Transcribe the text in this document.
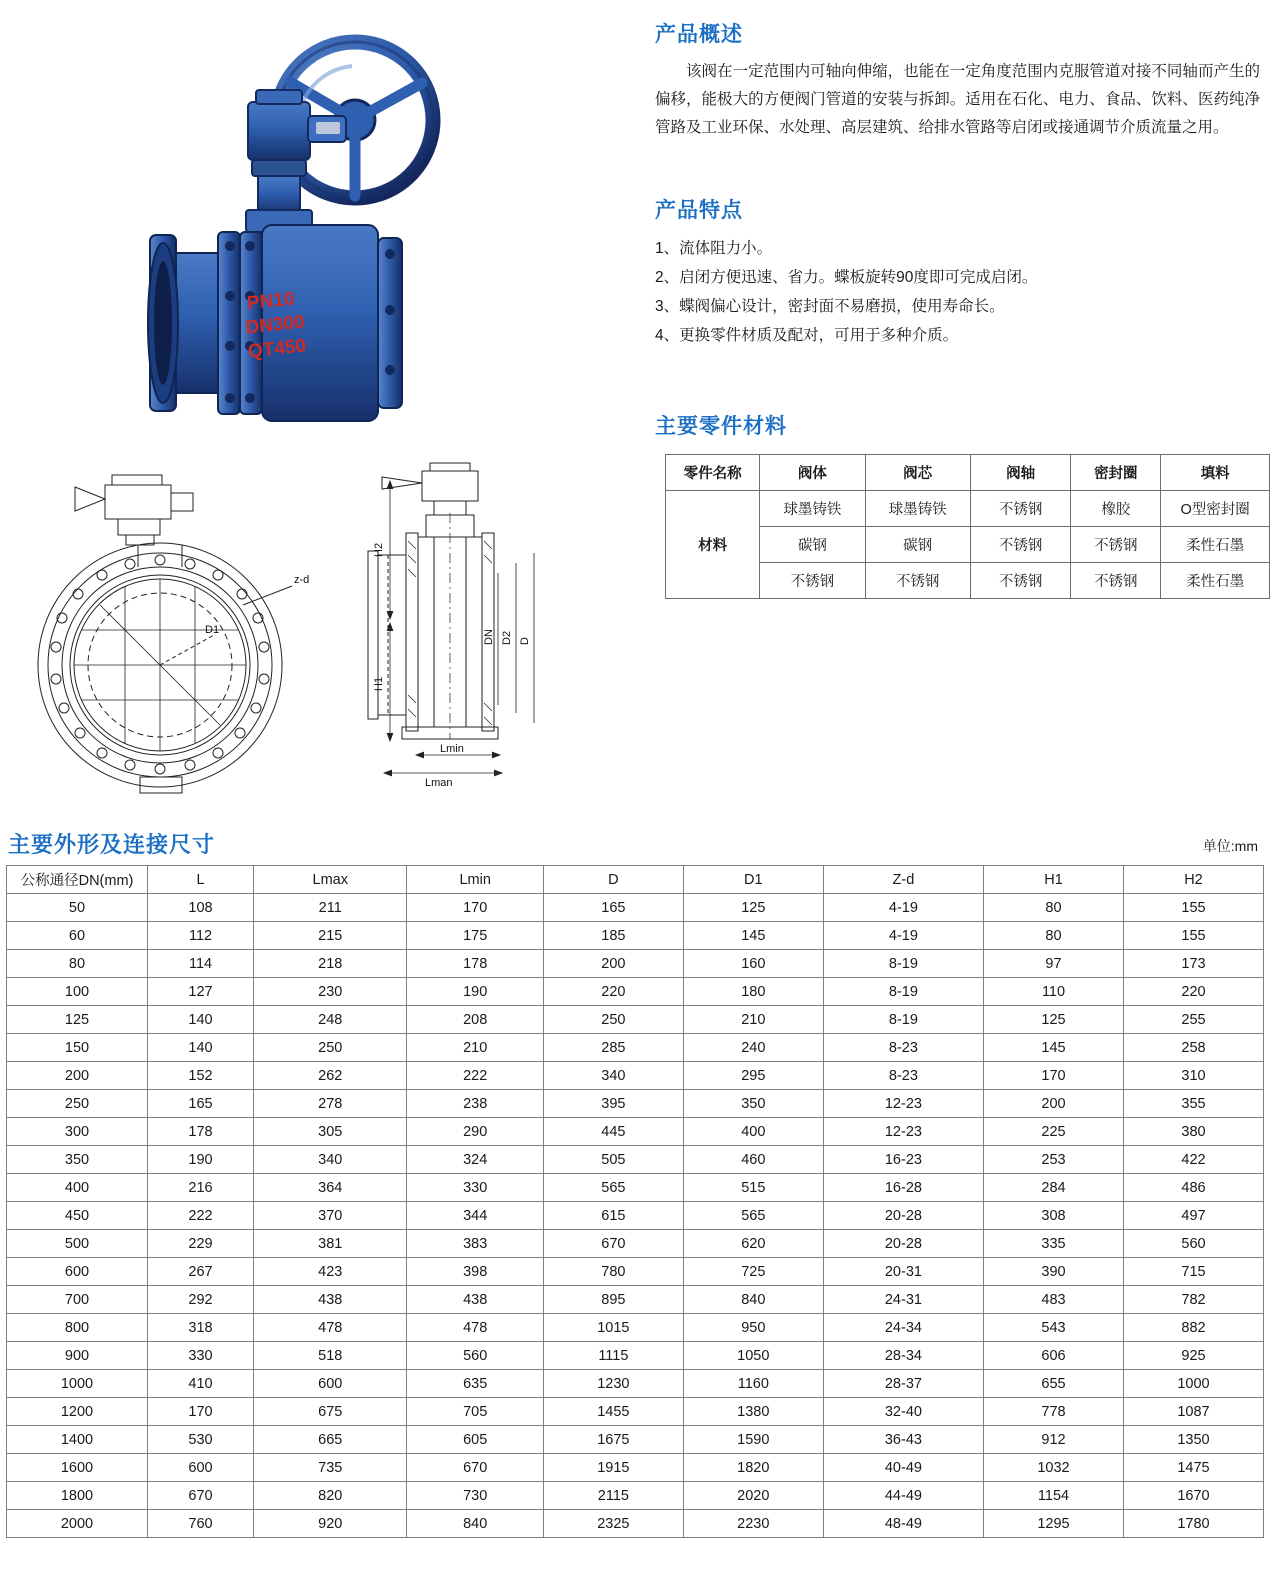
PN10
DN300
QT450
产品概述

该阀在一定范围内可轴向伸缩，也能在一定角度范围内克服管道对接不同轴而产生的偏移，能极大的方便阀门管道的安装与拆卸。适用在石化、电力、食品、饮料、医药纯净管路及工业环保、水处理、高层建筑、给排水管路等启闭或接通调节介质流量之用。

产品特点
1、流体阻力小。
2、启闭方便迅速、省力。蝶板旋转90度即可完成启闭。
3、蝶阀偏心设计，密封面不易磨损，使用寿命长。
4、更换零件材质及配对，可用于多种介质。
主要零件材料
零件名称	阀体	阀芯	阀轴	密封圈	填料
材料	球墨铸铁	球墨铸铁	不锈钢	橡胶	O型密封圈
	碳钢	碳钢	不锈钢	不锈钢	柔性石墨
	不锈钢	不锈钢	不锈钢	不锈钢	柔性石墨
z-d
D1
H2
H1
DN D2 D
Lmin
Lman
主要外形及连接尺寸	单位:mm
公称通径DN(mm)	L	Lmax	Lmin	D	D1	Z-d	H1	H2
50	108	211	170	165	125	4-19	80	155
60	112	215	175	185	145	4-19	80	155
80	114	218	178	200	160	8-19	97	173
100	127	230	190	220	180	8-19	110	220
125	140	248	208	250	210	8-19	125	255
150	140	250	210	285	240	8-23	145	258
200	152	262	222	340	295	8-23	170	310
250	165	278	238	395	350	12-23	200	355
300	178	305	290	445	400	12-23	225	380
350	190	340	324	505	460	16-23	253	422
400	216	364	330	565	515	16-28	284	486
450	222	370	344	615	565	20-28	308	497
500	229	381	383	670	620	20-28	335	560
600	267	423	398	780	725	20-31	390	715
700	292	438	438	895	840	24-31	483	782
800	318	478	478	1015	950	24-34	543	882
900	330	518	560	1115	1050	28-34	606	925
1000	410	600	635	1230	1160	28-37	655	1000
1200	170	675	705	1455	1380	32-40	778	1087
1400	530	665	605	1675	1590	36-43	912	1350
1600	600	735	670	1915	1820	40-49	1032	1475
1800	670	820	730	2115	2020	44-49	1154	1670
2000	760	920	840	2325	2230	48-49	1295	1780
